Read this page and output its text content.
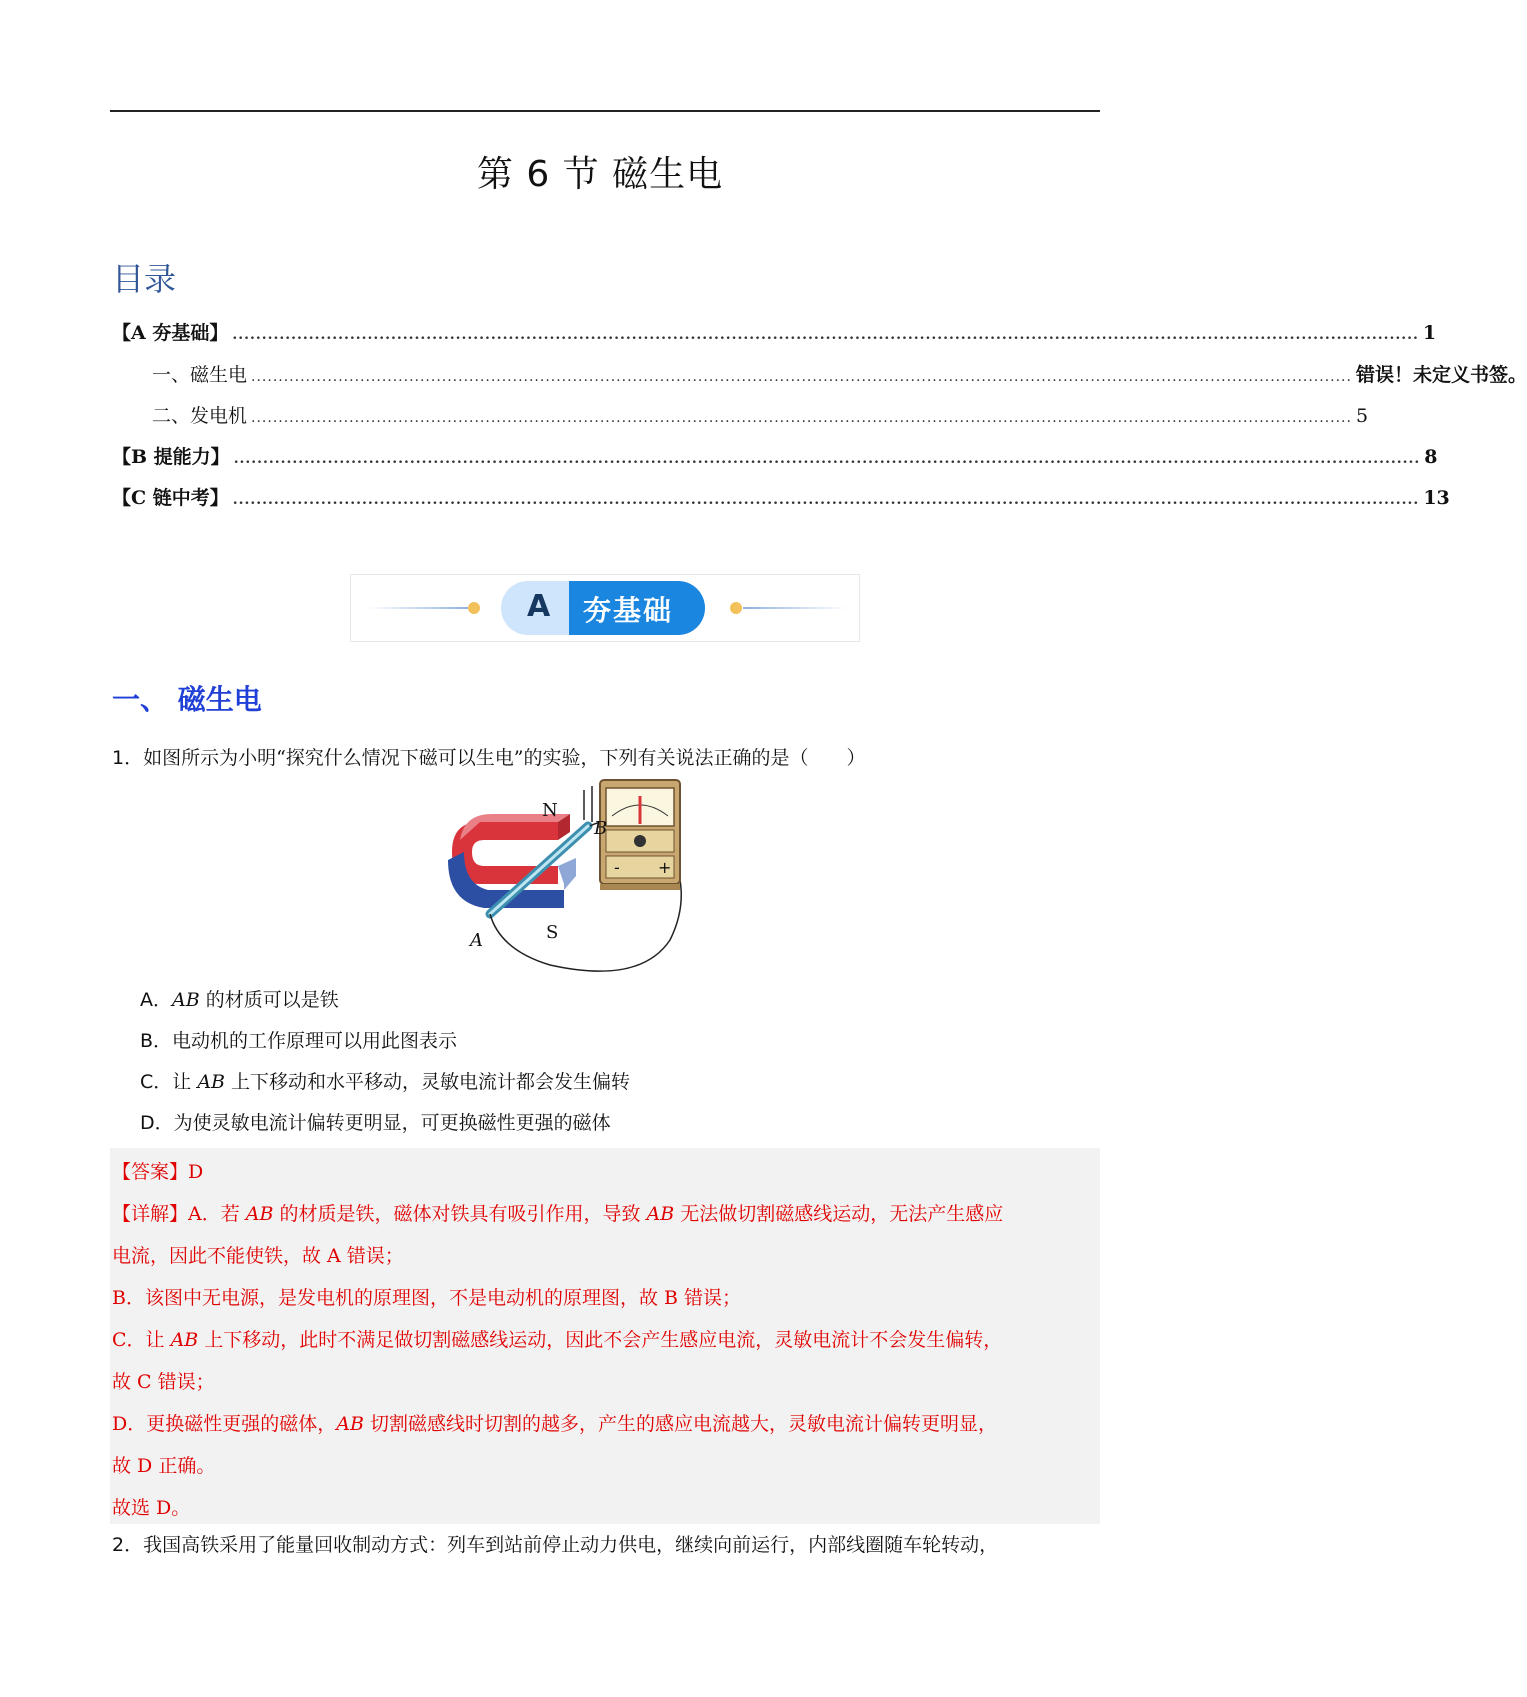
第 6 节 磁生电
目录
【A 夯基础】 .......................................................................................................................................................................................................... 1
一、磁生电 .......................................................................................................................................................................................................... 错误！未定义书签。
二、发电机 .......................................................................................................................................................................................................... 5
【B 提能力】 .......................................................................................................................................................................................................... 8
【C 链中考】 .......................................................................................................................................................................................................... 13
A 夯基础
一、 磁生电
1．如图所示为小明“探究什么情况下磁可以生电”的实验，下列有关说法正确的是（　　）
- +
N
S
A
B
A．AB 的材质可以是铁
B．电动机的工作原理可以用此图表示
C．让 AB 上下移动和水平移动，灵敏电流计都会发生偏转
D．为使灵敏电流计偏转更明显，可更换磁性更强的磁体
【答案】D
【详解】A．若 AB 的材质是铁，磁体对铁具有吸引作用，导致 AB 无法做切割磁感线运动，无法产生感应
电流，因此不能使铁，故 A 错误；
B．该图中无电源，是发电机的原理图，不是电动机的原理图，故 B 错误；
C．让 AB 上下移动，此时不满足做切割磁感线运动，因此不会产生感应电流，灵敏电流计不会发生偏转，
故 C 错误；
D．更换磁性更强的磁体，AB 切割磁感线时切割的越多，产生的感应电流越大，灵敏电流计偏转更明显，
故 D 正确。
故选 D。
2．我国高铁采用了能量回收制动方式：列车到站前停止动力供电，继续向前运行，内部线圈随车轮转动，
